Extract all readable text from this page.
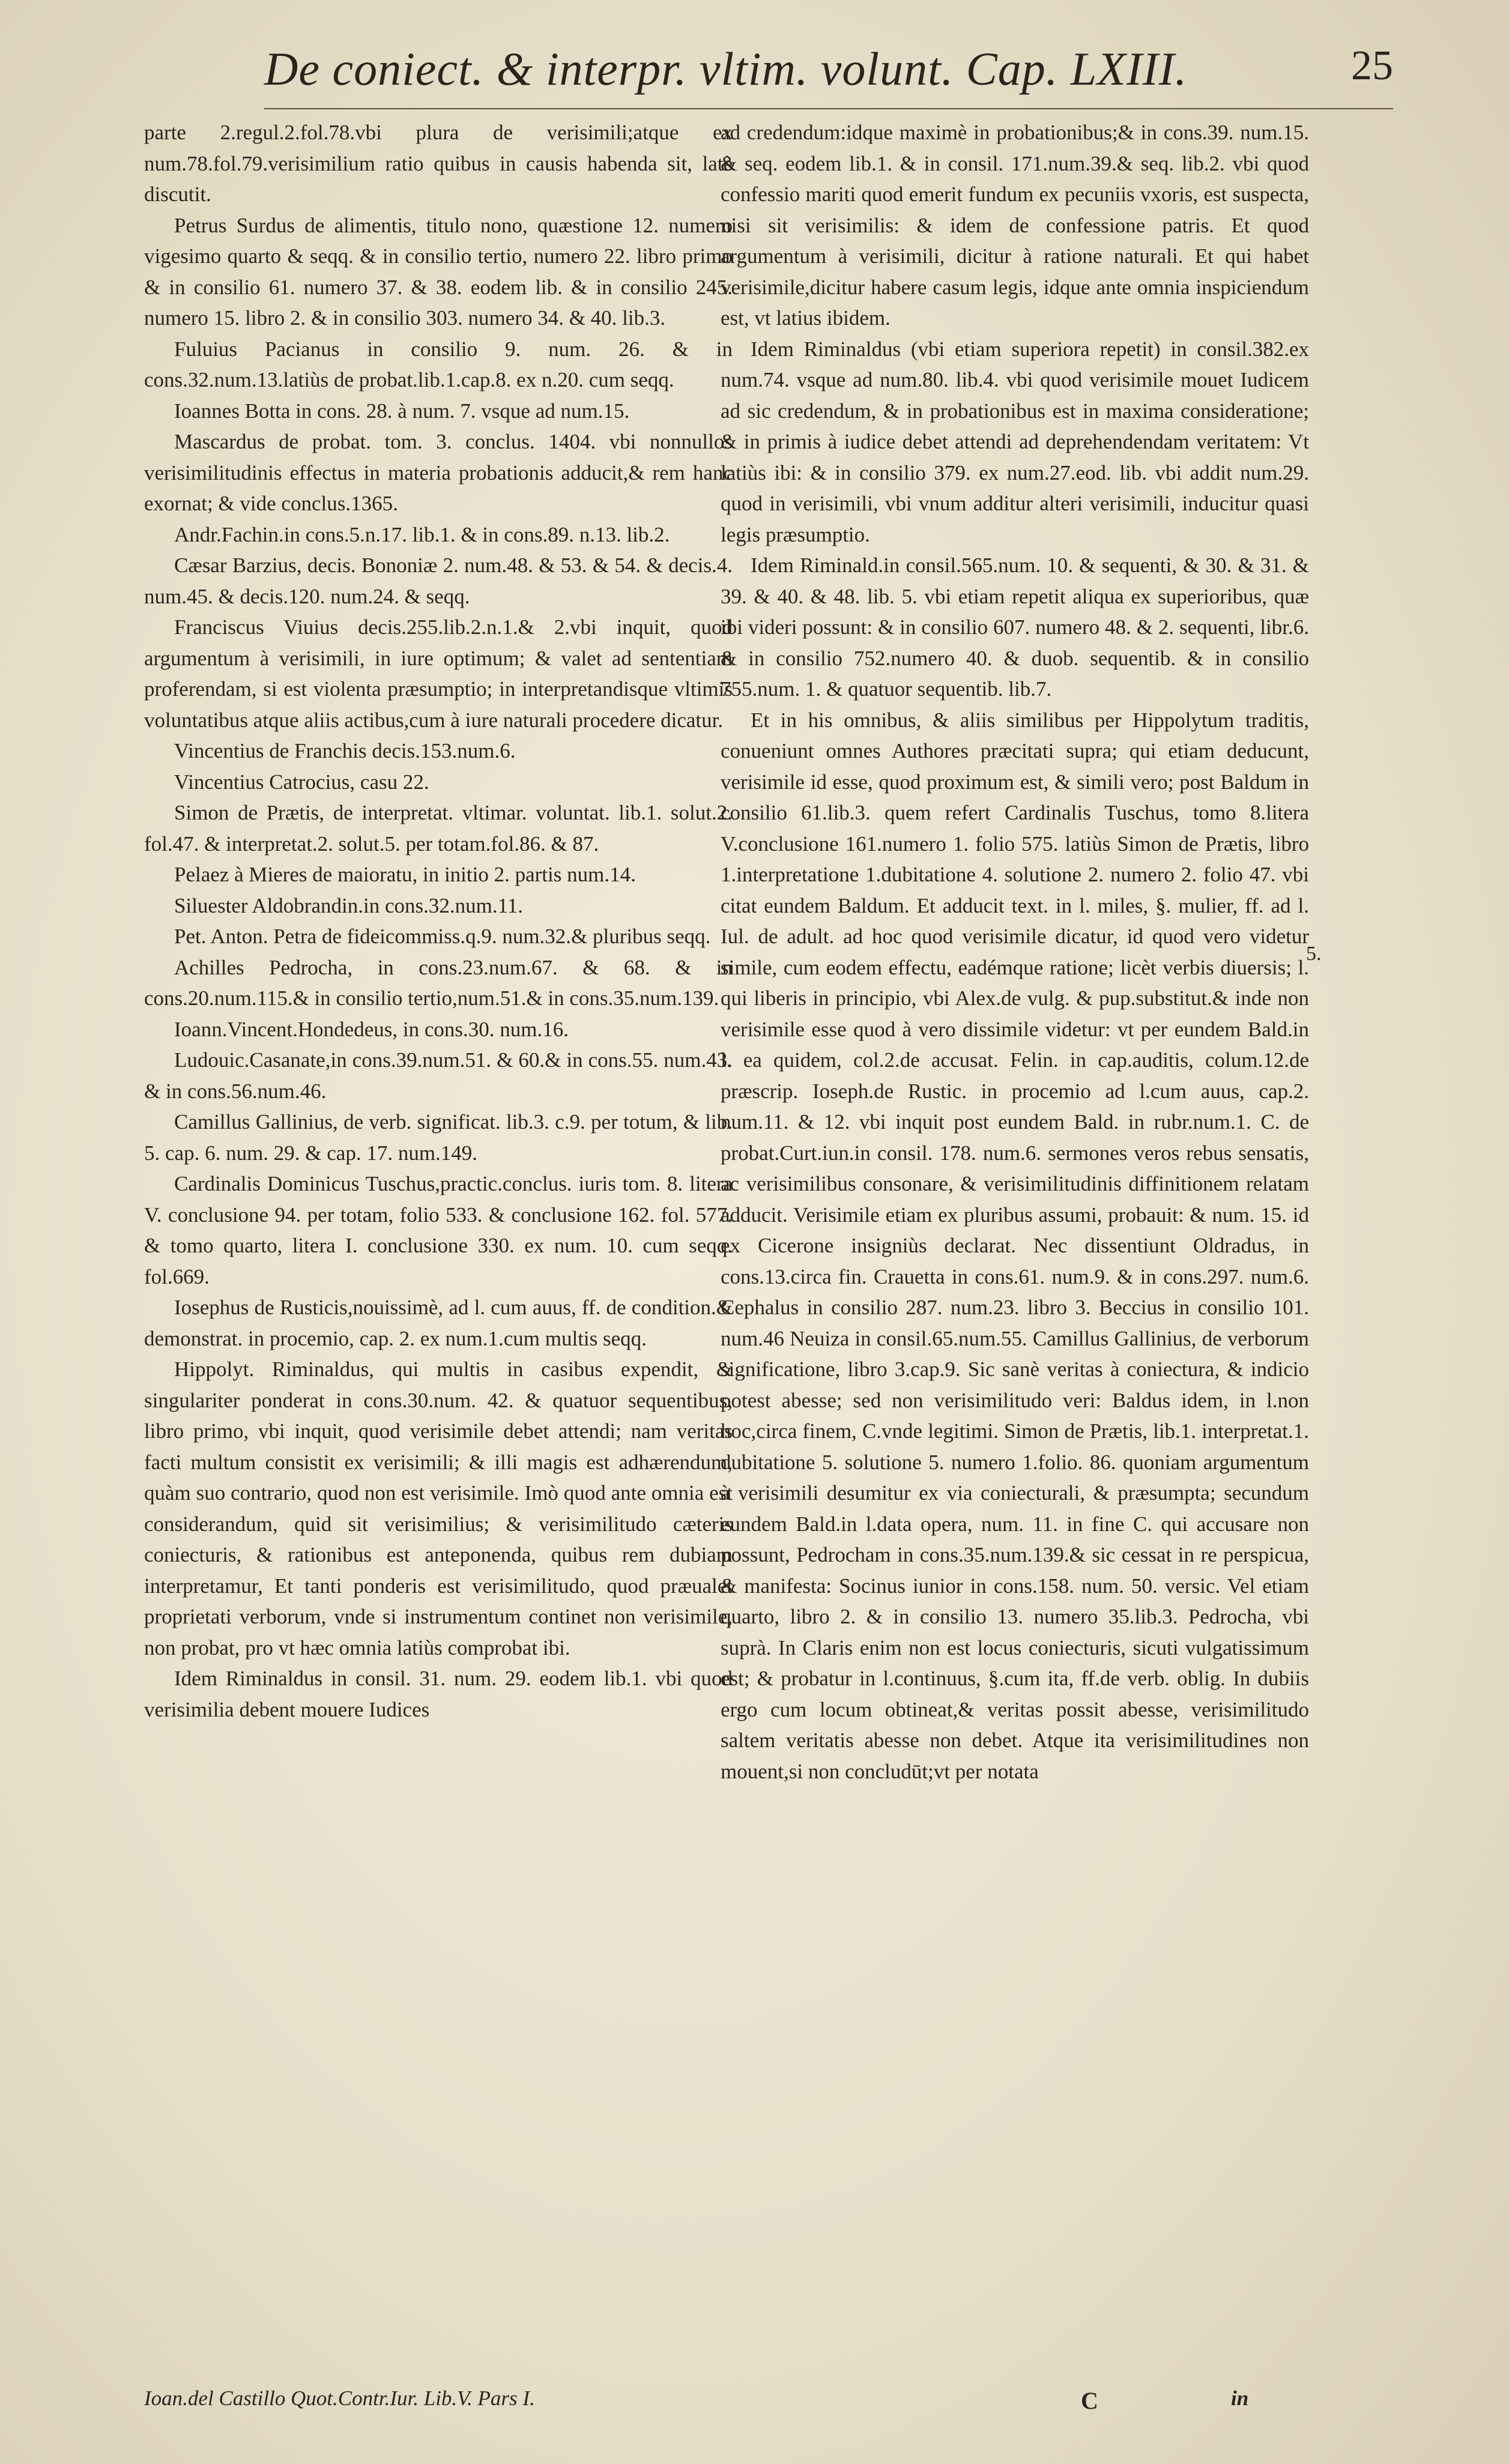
De coniect. & interpr. vltim. volunt. Cap. LXIII.	25

parte 2.regul.2.fol.78.vbi plura de verisimili;atque ex num.78.fol.79.verisimilium ratio quibus in causis habenda sit, latè discutit.

Petrus Surdus de alimentis, titulo nono, quæstione 12. numero vigesimo quarto & seqq. & in consilio tertio, numero 22. libro primo & in consilio 61. numero 37. & 38. eodem lib. & in consilio 245. numero 15. libro 2. & in consilio 303. numero 34. & 40. lib.3.

Fuluius Pacianus in consilio 9. num. 26. & in cons.32.num.13.latiùs de probat.lib.1.cap.8. ex n.20. cum seqq.

Ioannes Botta in cons. 28. à num. 7. vsque ad num.15.

Mascardus de probat. tom. 3. conclus. 1404. vbi nonnullos verisimilitudinis effectus in materia probationis adducit,& rem hanc exornat; & vide conclus.1365.

Andr.Fachin.in cons.5.n.17. lib.1. & in cons.89. n.13. lib.2.

Cæsar Barzius, decis. Bononiæ 2. num.48. & 53. & 54. & decis.4. num.45. & decis.120. num.24. & seqq.

Franciscus Viuius decis.255.lib.2.n.1.& 2.vbi inquit, quod argumentum à verisimili, in iure optimum; & valet ad sententiam proferendam, si est violenta præsumptio; in interpretandisque vltimis voluntatibus atque aliis actibus,cum à iure naturali procedere dicatur.

Vincentius de Franchis decis.153.num.6.

Vincentius Catrocius, casu 22.

Simon de Prætis, de interpretat. vltimar. voluntat. lib.1. solut.2. fol.47. & interpretat.2. solut.5. per totam.fol.86. & 87.

Pelaez à Mieres de maioratu, in initio 2. partis num.14.

Siluester Aldobrandin.in cons.32.num.11.

Pet. Anton. Petra de fideicommiss.q.9. num.32.& pluribus seqq.

Achilles Pedrocha, in cons.23.num.67. & 68. & in cons.20.num.115.& in consilio tertio,num.51.& in cons.35.num.139.

Ioann.Vincent.Hondedeus, in cons.30. num.16.

Ludouic.Casanate,in cons.39.num.51. & 60.& in cons.55. num.43. & in cons.56.num.46.

Camillus Gallinius, de verb. significat. lib.3. c.9. per totum, & lib. 5. cap. 6. num. 29. & cap. 17. num.149.

Cardinalis Dominicus Tuschus,practic.conclus. iuris tom. 8. litera V. conclusione 94. per totam, folio 533. & conclusione 162. fol. 577. & tomo quarto, litera I. conclusione 330. ex num. 10. cum seqq. fol.669.

Iosephus de Rusticis,nouissimè, ad l. cum auus, ff. de condition.& demonstrat. in procemio, cap. 2. ex num.1.cum multis seqq.

Hippolyt. Riminaldus, qui multis in casibus expendit, & singulariter ponderat in cons.30.num. 42. & quatuor sequentibus, libro primo, vbi inquit, quod verisimile debet attendi; nam veritas facti multum consistit ex verisimili; & illi magis est adhærendum, quàm suo contrario, quod non est verisimile. Imò quod ante omnia est considerandum, quid sit verisimilius; & verisimilitudo cæteris coniecturis, & rationibus est anteponenda, quibus rem dubiam interpretamur, Et tanti ponderis est verisimilitudo, quod præualet proprietati verborum, vnde si instrumentum continet non verisimile, non probat, pro vt hæc omnia latiùs comprobat ibi.

Idem Riminaldus in consil. 31. num. 29. eodem lib.1. vbi quod verisimilia debent mouere Iudices

ad credendum:idque maximè in probationibus;& in cons.39. num.15. & seq. eodem lib.1. & in consil. 171.num.39.& seq. lib.2. vbi quod confessio mariti quod emerit fundum ex pecuniis vxoris, est suspecta, nisi sit verisimilis: & idem de confessione patris. Et quod argumentum à verisimili, dicitur à ratione naturali. Et qui habet verisimile,dicitur habere casum legis, idque ante omnia inspiciendum est, vt latius ibidem.

Idem Riminaldus (vbi etiam superiora repetit) in consil.382.ex num.74. vsque ad num.80. lib.4. vbi quod verisimile mouet Iudicem ad sic credendum, & in probationibus est in maxima consideratione; & in primis à iudice debet attendi ad deprehendendam veritatem: Vt latiùs ibi: & in consilio 379. ex num.27.eod. lib. vbi addit num.29. quod in verisimili, vbi vnum additur alteri verisimili, inducitur quasi legis præsumptio.

Idem Riminald.in consil.565.num. 10. & sequenti, & 30. & 31. & 39. & 40. & 48. lib. 5. vbi etiam repetit aliqua ex superioribus, quæ ibi videri possunt: & in consilio 607. numero 48. & 2. sequenti, libr.6. & in consilio 752.numero 40. & duob. sequentib. & in consilio 755.num. 1. & quatuor sequentib. lib.7.

Et in his omnibus, & aliis similibus per Hippolytum traditis, conueniunt omnes Authores præcitati supra; qui etiam deducunt, verisimile id esse, quod proximum est, & simili vero; post Baldum in consilio 61.lib.3. quem refert Cardinalis Tuschus, tomo 8.litera V.conclusione 161.numero 1. folio 575. latiùs Simon de Prætis, libro 1.interpretatione 1.dubitatione 4. solutione 2. numero 2. folio 47. vbi citat eundem Baldum. Et adducit text. in l. miles, §. mulier, ff. ad l. Iul. de adult. ad hoc quod verisimile dicatur, id quod vero videtur simile, cum eodem effectu, eadémque ratione; licèt verbis diuersis; l. qui liberis in principio, vbi Alex.de vulg. & pup.substitut.& inde non verisimile esse quod à vero dissimile videtur: vt per eundem Bald.in l. ea quidem, col.2.de accusat. Felin. in cap.auditis, colum.12.de præscrip. Ioseph.de Rustic. in procemio ad l.cum auus, cap.2. num.11. & 12. vbi inquit post eundem Bald. in rubr.num.1. C. de probat.Curt.iun.in consil. 178. num.6. sermones veros rebus sensatis, ac verisimilibus consonare, & verisimilitudinis diffinitionem relatam adducit. Verisimile etiam ex pluribus assumi, probauit: & num. 15. id ex Cicerone insigniùs declarat. Nec dissentiunt Oldradus, in cons.13.circa fin. Crauetta in cons.61. num.9. & in cons.297. num.6. Cephalus in consilio 287. num.23. libro 3. Beccius in consilio 101. num.46 Neuiza in consil.65.num.55. Camillus Gallinius, de verborum significatione, libro 3.cap.9. Sic sanè veritas à coniectura, & indicio potest abesse; sed non verisimilitudo veri: Baldus idem, in l.non hoc,circa finem, C.vnde legitimi. Simon de Prætis, lib.1. interpretat.1. dubitatione 5. solutione 5. numero 1.folio. 86. quoniam argumentum à verisimili desumitur ex via coniecturali, & præsumpta; secundum eundem Bald.in l.data opera, num. 11. in fine C. qui accusare non possunt, Pedrocham in cons.35.num.139.& sic cessat in re perspicua, & manifesta: Socinus iunior in cons.158. num. 50. versic. Vel etiam quarto, libro 2. & in consilio 13. numero 35.lib.3. Pedrocha, vbi suprà. In Claris enim non est locus coniecturis, sicuti vulgatissimum est; & probatur in l.continuus, §.cum ita, ff.de verb. oblig. In dubiis ergo cum locum obtineat,& veritas possit abesse, verisimilitudo saltem veritatis abesse non debet. Atque ita verisimilitudines non mouent,si non concludūt;vt per notata

5.
Ioan.del Castillo Quot.Contr.Iur. Lib.V. Pars I.	C	in
